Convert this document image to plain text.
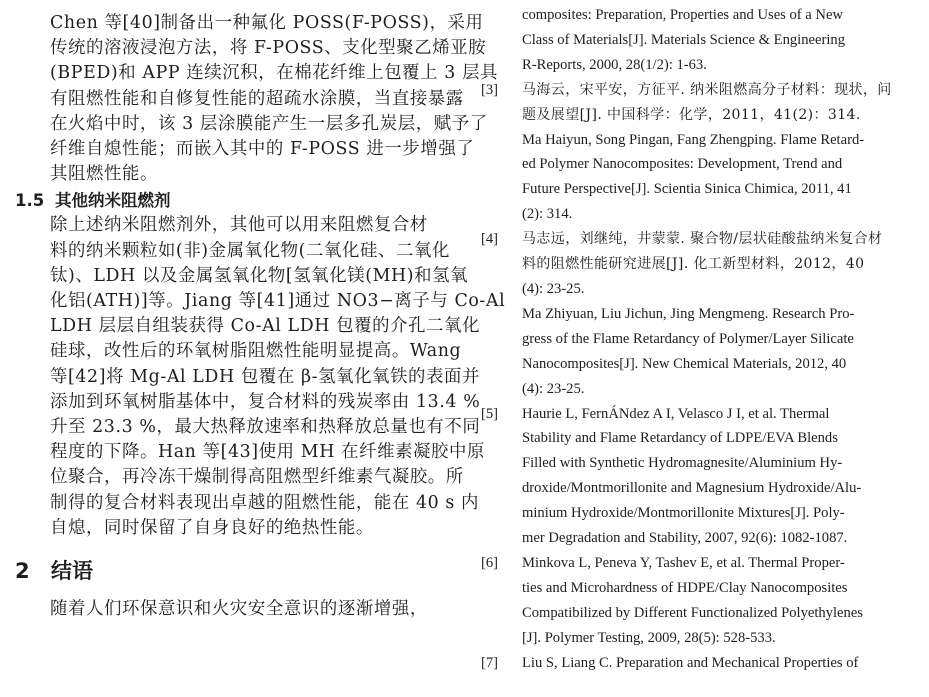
Chen 等[40]制备出一种氟化 POSS(F-POSS)，采用
传统的溶液浸泡方法，将 F-POSS、支化型聚乙烯亚胺
(BPED)和 APP 连续沉积，在棉花纤维上包覆上 3 层具
有阻燃性能和自修复性能的超疏水涂膜，当直接暴露
在火焰中时，该 3 层涂膜能产生一层多孔炭层，赋予了
纤维自熄性能；而嵌入其中的 F-POSS 进一步增强了
其阻燃性能。
1.5 其他纳米阻燃剂
除上述纳米阻燃剂外，其他可以用来阻燃复合材
料的纳米颗粒如(非)金属氧化物(二氧化硅、二氧化
钛)、LDH 以及金属氢氧化物[氢氧化镁(MH)和氢氧
化铝(ATH)]等。Jiang 等[41]通过 NO3−离子与 Co-Al
LDH 层层自组装获得 Co-Al LDH 包覆的介孔二氧化
硅球，改性后的环氧树脂阻燃性能明显提高。Wang
等[42]将 Mg-Al LDH 包覆在 β-氢氧化氧铁的表面并
添加到环氧树脂基体中，复合材料的残炭率由 13.4 %
升至 23.3 %，最大热释放速率和热释放总量也有不同
程度的下降。Han 等[43]使用 MH 在纤维素凝胶中原
位聚合，再冷冻干燥制得高阻燃型纤维素气凝胶。所
制得的复合材料表现出卓越的阻燃性能，能在 40 s 内
自熄，同时保留了自身良好的绝热性能。
2 结语
随着人们环保意识和火灾安全意识的逐渐增强，
composites: Preparation, Properties and Uses of a New
Class of Materials[J]. Materials Science & Engineering
R-Reports, 2000, 28(1/2): 1-63.
[3]	马海云，宋平安，方征平. 纳米阻燃高分子材料：现状，问
题及展望[J]. 中国科学：化学，2011，41(2)：314.
Ma Haiyun, Song Pingan, Fang Zhengping. Flame Retard-
ed Polymer Nanocomposites: Development, Trend and
Future Perspective[J]. Scientia Sinica Chimica, 2011, 41
(2): 314.
[4]	马志远，刘继纯，井蒙蒙. 聚合物/层状硅酸盐纳米复合材
料的阻燃性能研究进展[J]. 化工新型材料，2012，40
(4): 23-25.
Ma Zhiyuan, Liu Jichun, Jing Mengmeng. Research Pro-
gress of the Flame Retardancy of Polymer/Layer Silicate
Nanocomposites[J]. New Chemical Materials, 2012, 40
(4): 23-25.
[5]	Haurie L, FernÁNdez A I, Velasco J I, et al. Thermal
Stability and Flame Retardancy of LDPE/EVA Blends
Filled with Synthetic Hydromagnesite/Aluminium Hy-
droxide/Montmorillonite and Magnesium Hydroxide/Alu-
minium Hydroxide/Montmorillonite Mixtures[J]. Poly-
mer Degradation and Stability, 2007, 92(6): 1082-1087.
[6]	Minkova L, Peneva Y, Tashev E, et al. Thermal Proper-
ties and Microhardness of HDPE/Clay Nanocomposites
Compatibilized by Different Functionalized Polyethylenes
[J]. Polymer Testing, 2009, 28(5): 528-533.
[7]	Liu S, Liang C. Preparation and Mechanical Properties of
